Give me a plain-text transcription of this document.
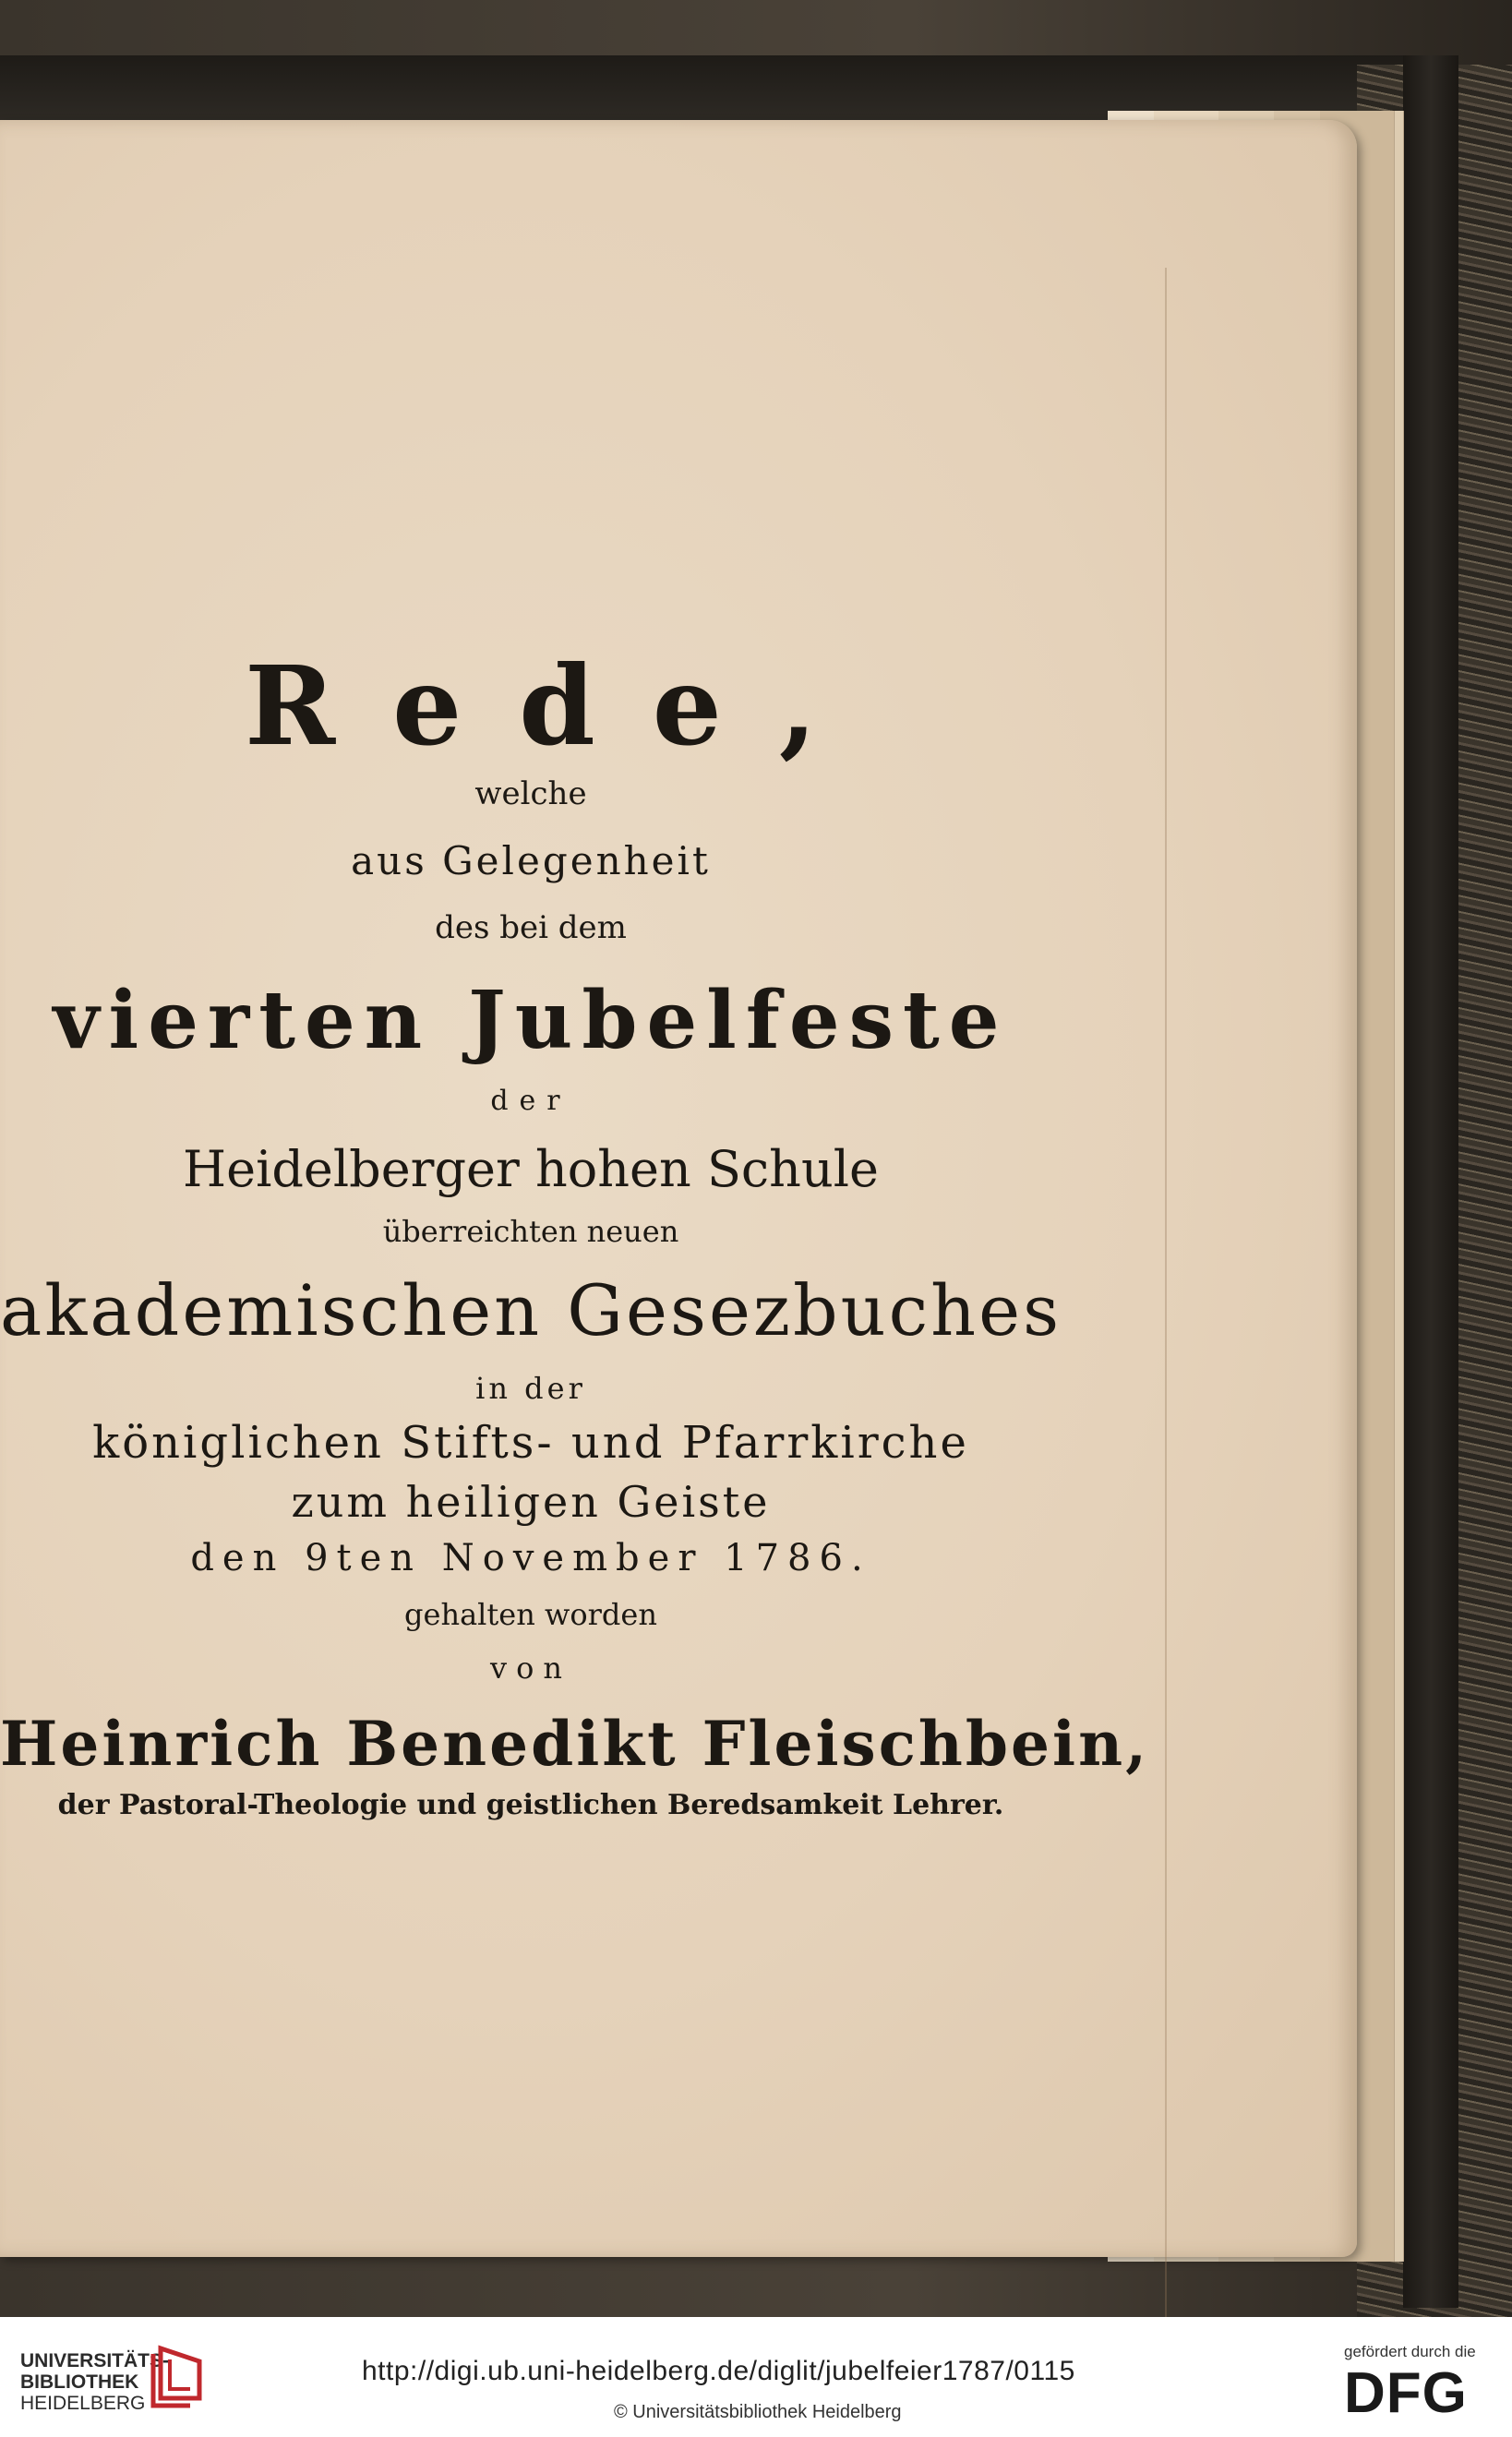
Rede,

welche

aus Gelegenheit

des bei dem

vierten Jubelfeste

der

Heidelberger hohen Schule

überreichten neuen

akademischen Gesezbuches

in der

königlichen Stifts- und Pfarrkirche

zum heiligen Geiste

den 9ten November 1786.

gehalten worden

von

Heinrich Benedikt Fleischbein,

der Pastoral-Theologie und geistlichen Beredsamkeit Lehrer.

UNIVERSITÄTS-
BIBLIOTHEK
HEIDELBERG
http://digi.ub.uni-heidelberg.de/diglit/jubelfeier1787/0115
© Universitätsbibliothek Heidelberg
gefördert durch die
DFG
